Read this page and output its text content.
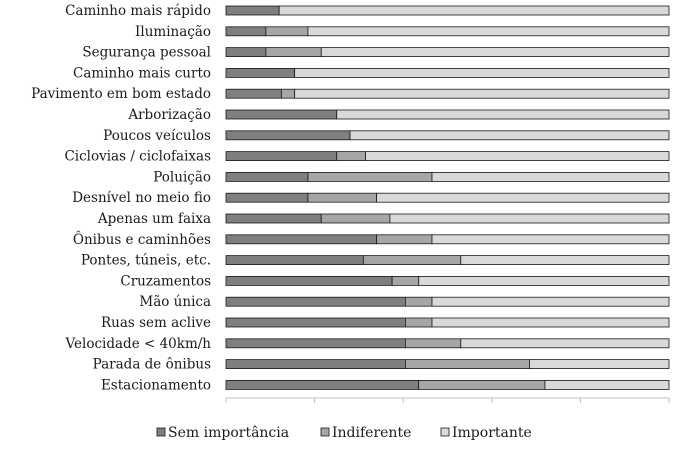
Caminho mais rápido
Iluminação
Segurança pessoal
Caminho mais curto
Pavimento em bom estado
Arborização
Poucos veículos
Ciclovias / ciclofaixas
Poluição
Desnível no meio fio
Apenas um faixa
Ônibus e caminhões
Pontes, túneis, etc.
Cruzamentos
Mão única
Ruas sem aclive
Velocidade < 40km/h
Parada de ônibus
Estacionamento
Sem importância	Indiferente	Importante
